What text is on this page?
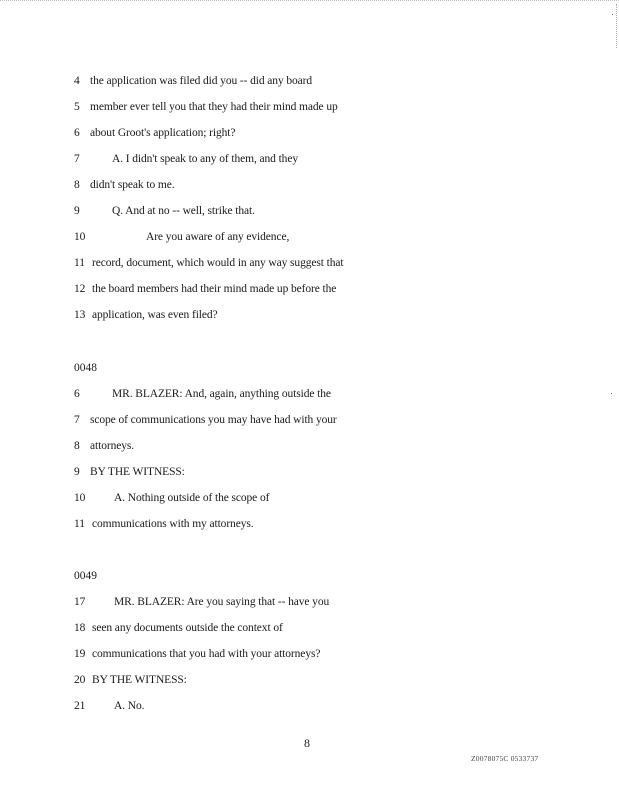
4 the application was filed did you -- did any board
5 member ever tell you that they had their mind made up
6 about Groot's application; right?
7	A. I didn't speak to any of them, and they
8 didn't speak to me.
9	Q. And at no -- well, strike that.
10	Are you aware of any evidence,
11 record, document, which would in any way suggest that
12 the board members had their mind made up before the
13 application, was even filed?
0048
6	MR. BLAZER: And, again, anything outside the
7 scope of communications you may have had with your
8 attorneys.
9 BY THE WITNESS:
10 A. Nothing outside of the scope of
11 communications with my attorneys.
0049
17 MR. BLAZER: Are you saying that -- have you
18 seen any documents outside the context of
19 communications that you had with your attorneys?
20 BY THE WITNESS:
21 A. No.
8
Z0078075C 0533737
